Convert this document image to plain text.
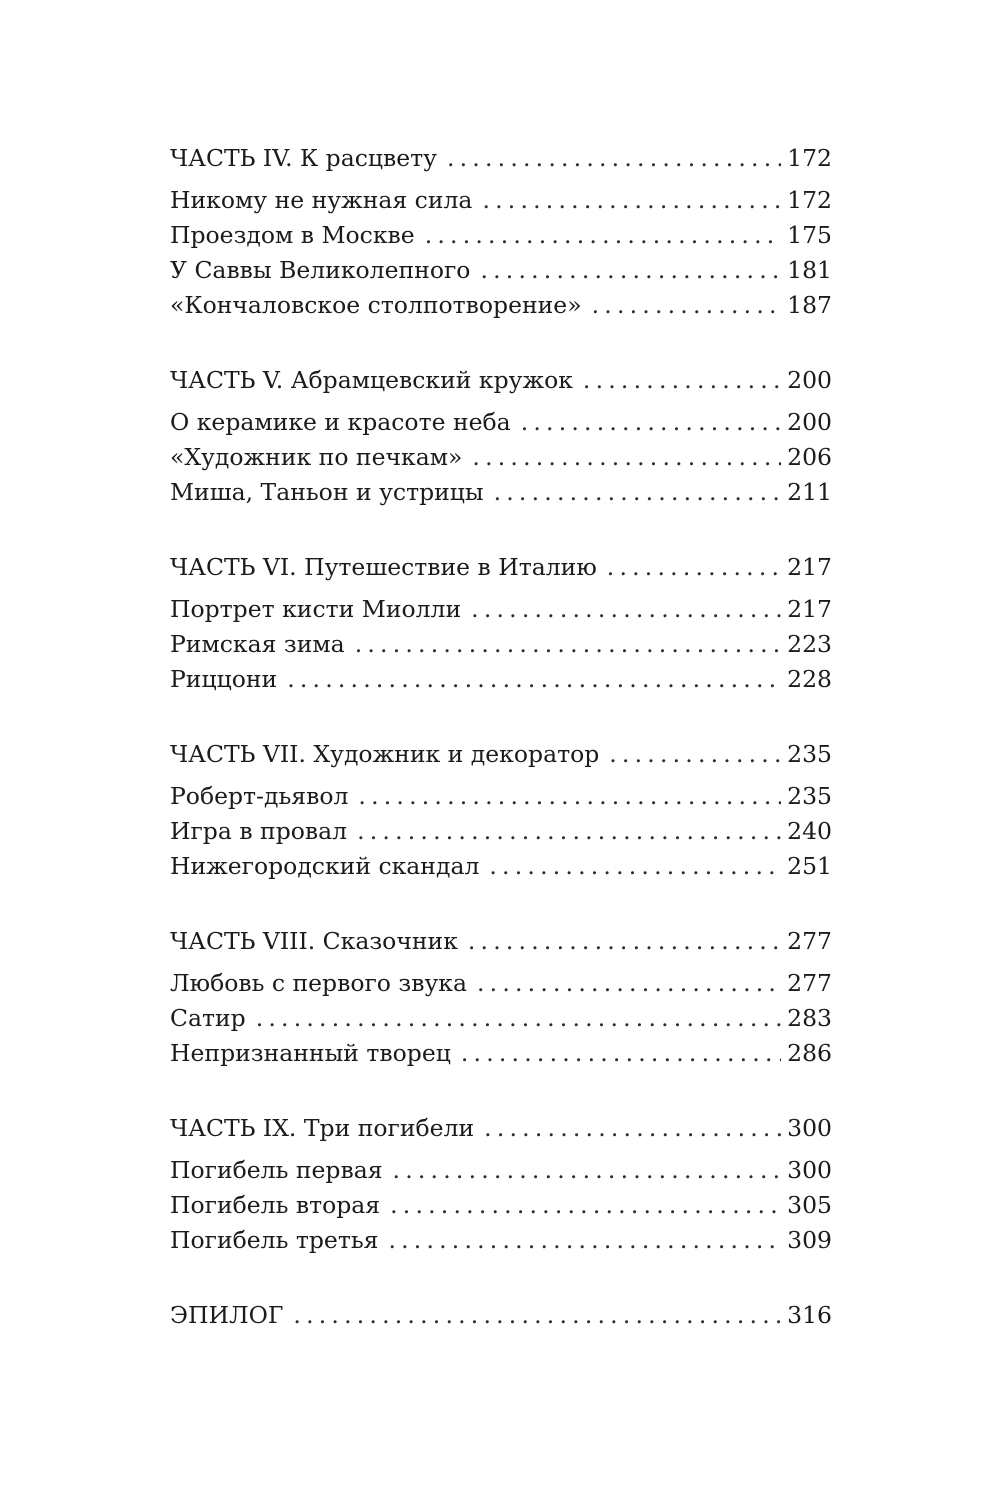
ЧАСТЬ IV. К расцвету .....	172
Никому не нужная сила .....	172
Проездом в Москве .....	175
У Саввы Великолепного .....	181
«Кончаловское столпотворение» .....	187
ЧАСТЬ V. Абрамцевский кружок .....	200
О керамике и красоте неба .....	200
«Художник по печкам» .....	206
Миша, Таньон и устрицы .....	211
ЧАСТЬ VI. Путешествие в Италию .....	217
Портрет кисти Миолли .....	217
Римская зима .....	223
Риццони .....	228
ЧАСТЬ VII. Художник и декоратор .....	235
Роберт-дьявол .....	235
Игра в провал .....	240
Нижегородский скандал .....	251
ЧАСТЬ VIII. Сказочник .....	277
Любовь с первого звука .....	277
Сатир .....	283
Непризнанный творец .....	286
ЧАСТЬ IX. Три погибели .....	300
Погибель первая .....	300
Погибель вторая .....	305
Погибель третья .....	309
ЭПИЛОГ .....	316
